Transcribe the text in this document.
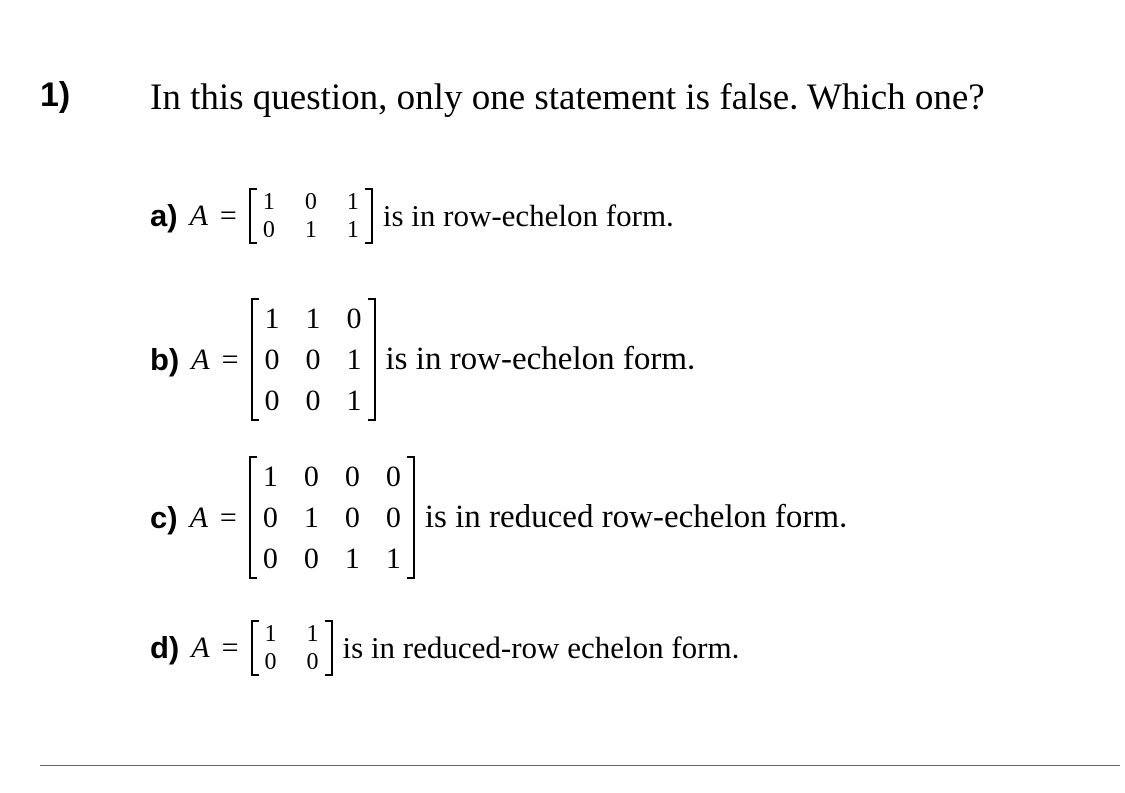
1) In this question, only one statement is false. Which one?
a) A = 1 0 1
0 1 1 is in row-echelon form.
b) A =
1 1 0
0 0 1
0 0 1
is in row-echelon form.
c) A =
1 0 0 0
0 1 0 0
0 0 1 1
is in reduced row-echelon form.
d) A = 1 1
0 0 is in reduced-row echelon form.
